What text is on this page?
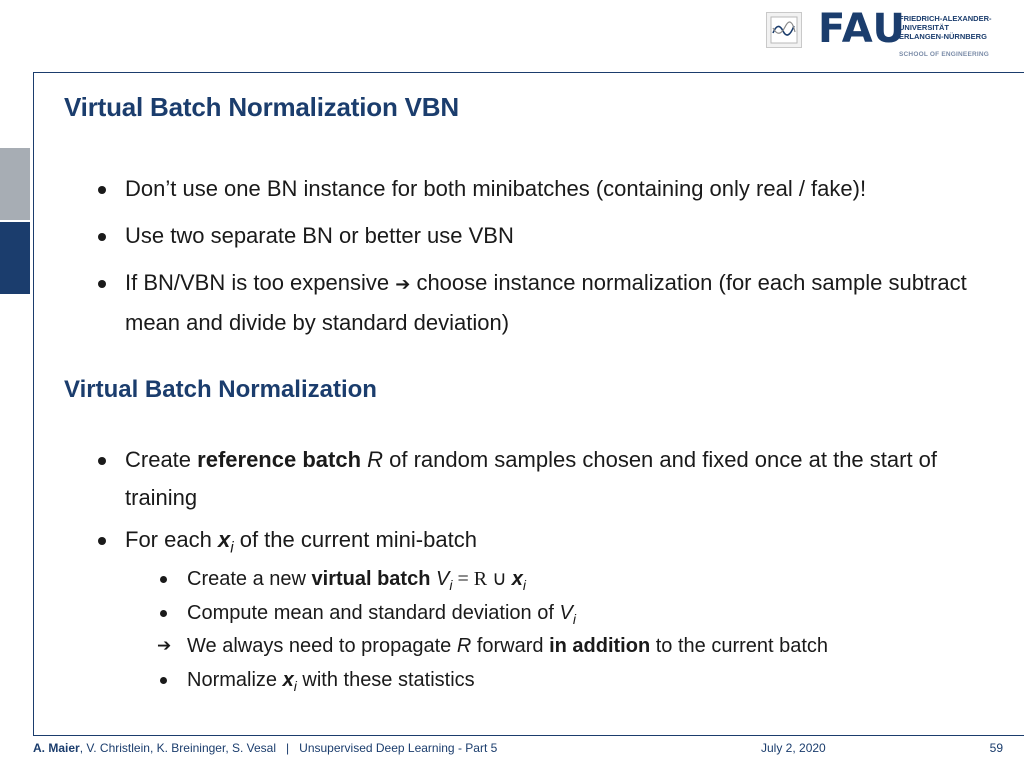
FAU
FRIEDRICH-ALEXANDER-
UNIVERSITÄT
ERLANGEN-NÜRNBERG
SCHOOL OF ENGINEERING
Virtual Batch Normalization VBN
Don’t use one BN instance for both minibatches (containing only real / fake)!
Use two separate BN or better use VBN
If BN/VBN is too expensive ➔ choose instance normalization (for each sample subtract mean and divide by standard deviation)
Virtual Batch Normalization
Create reference batch R of random samples chosen and fixed once at the start of training
For each $x_i$ of the current mini-batch
Create a new virtual batch $V_i = R$ ∪ $x_i$
Compute mean and standard deviation of $V_i$
➔ We always need to propagate R forward in addition to the current batch
Normalize $x_i$ with these statistics
A. Maier, V. Christlein, K. Breininger, S. Vesal | Unsupervised Deep Learning - Part 5	July 2, 2020	59
